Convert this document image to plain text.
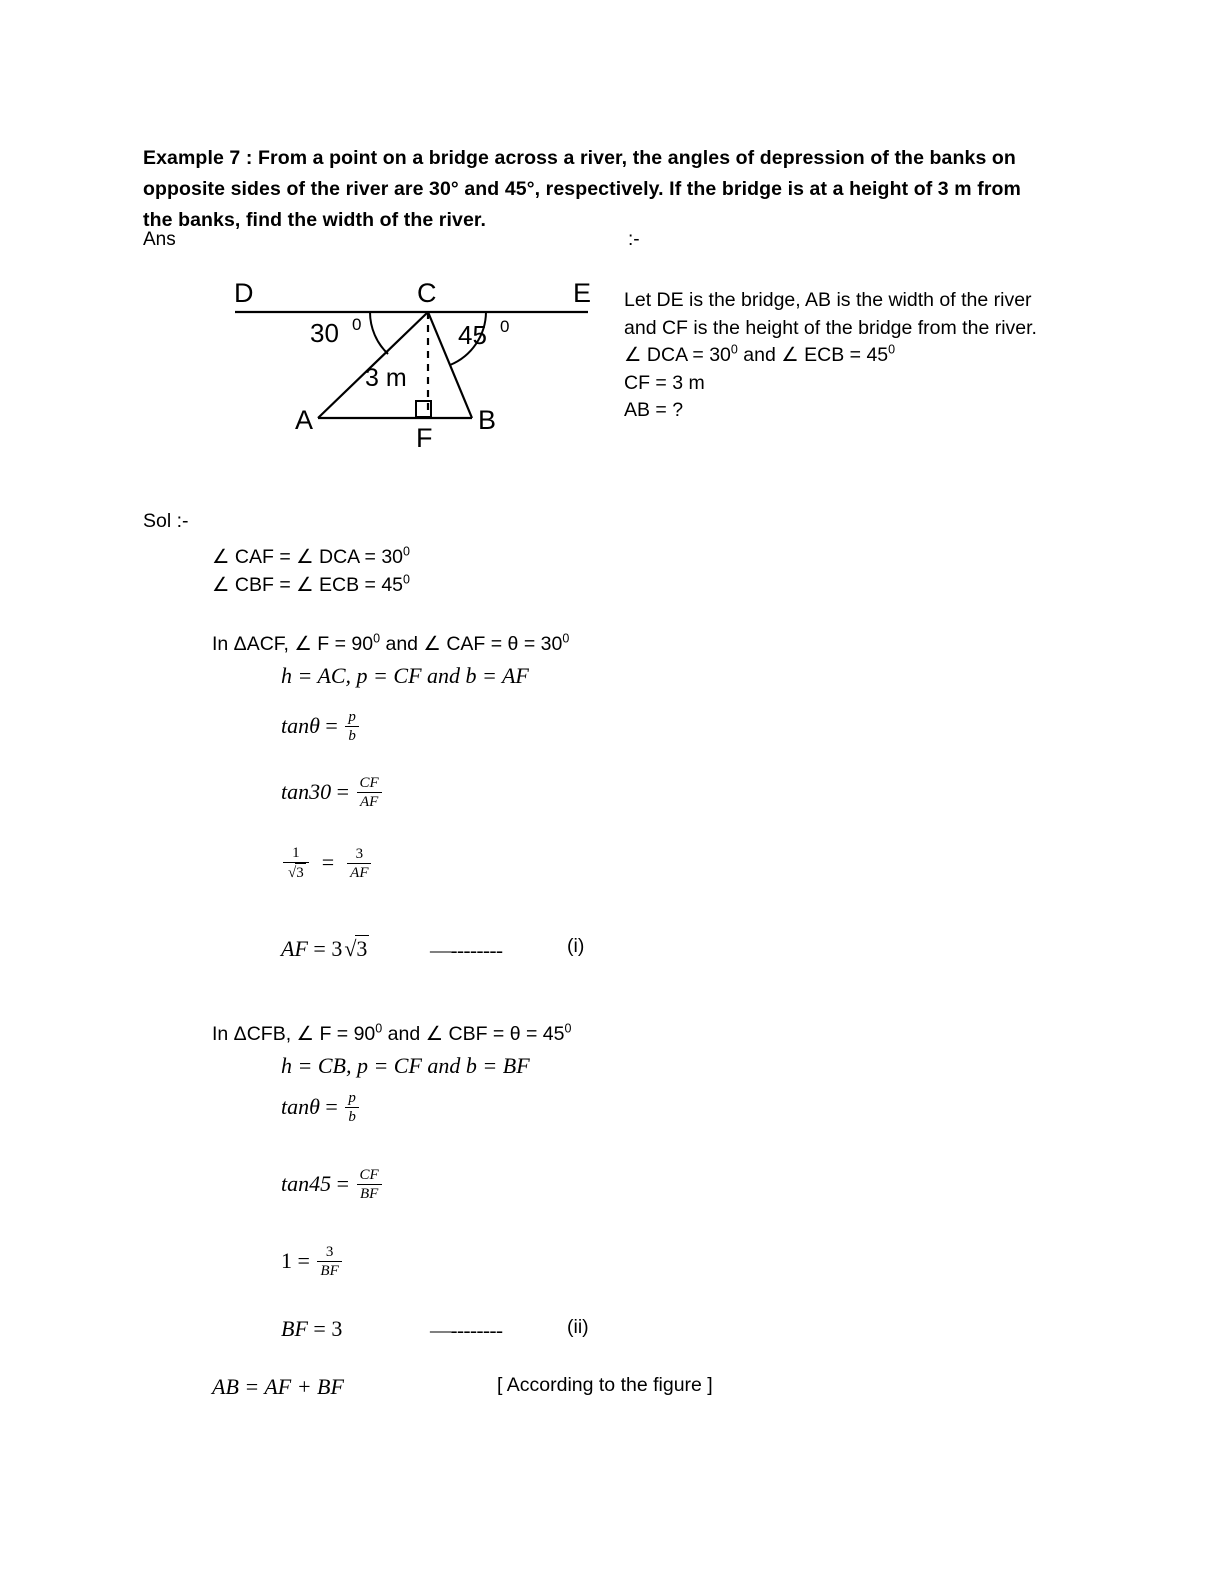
Example 7 : From a point on a bridge across a river, the angles of depression of the banks on opposite sides of the river are 30° and 45°, respectively. If the bridge is at a height of 3 m from the banks, find the width of the river.
Ans	:-
D	C	E
A	B
F
30 0	45 0
3 m
Let DE is the bridge, AB is the width of the river and CF is the height of the bridge from the river.
∠ DCA = $30^0$ and ∠ ECB = $45^0$
CF = 3 m
AB = ?
Sol :-
∠ CAF = ∠ DCA = $30^0$
∠ CBF = ∠ ECB = $45^0$
In ΔACF, ∠ $F = 90^0$ and ∠ CAF = $\theta = 30^0$
h = AC, p = CF and b = AF
$\tan\theta = \frac{p}{b}$
$\tan 30 = \frac{CF}{AF}$
$\frac{1}{√3} = \frac{3}{AF}$
AF = 3√3	—--------	(i)
In ΔCFB, ∠ $F = 90^0$ and ∠ CBF = $\theta = 45^0$
h = CB, p = CF and b = BF
$\tan\theta = \frac{p}{b}$
$\tan 45 = \frac{CF}{BF}$
$1 = \frac{3}{BF}$
BF = 3	—--------	(ii)
AB = AF + BF	[ According to the figure ]
